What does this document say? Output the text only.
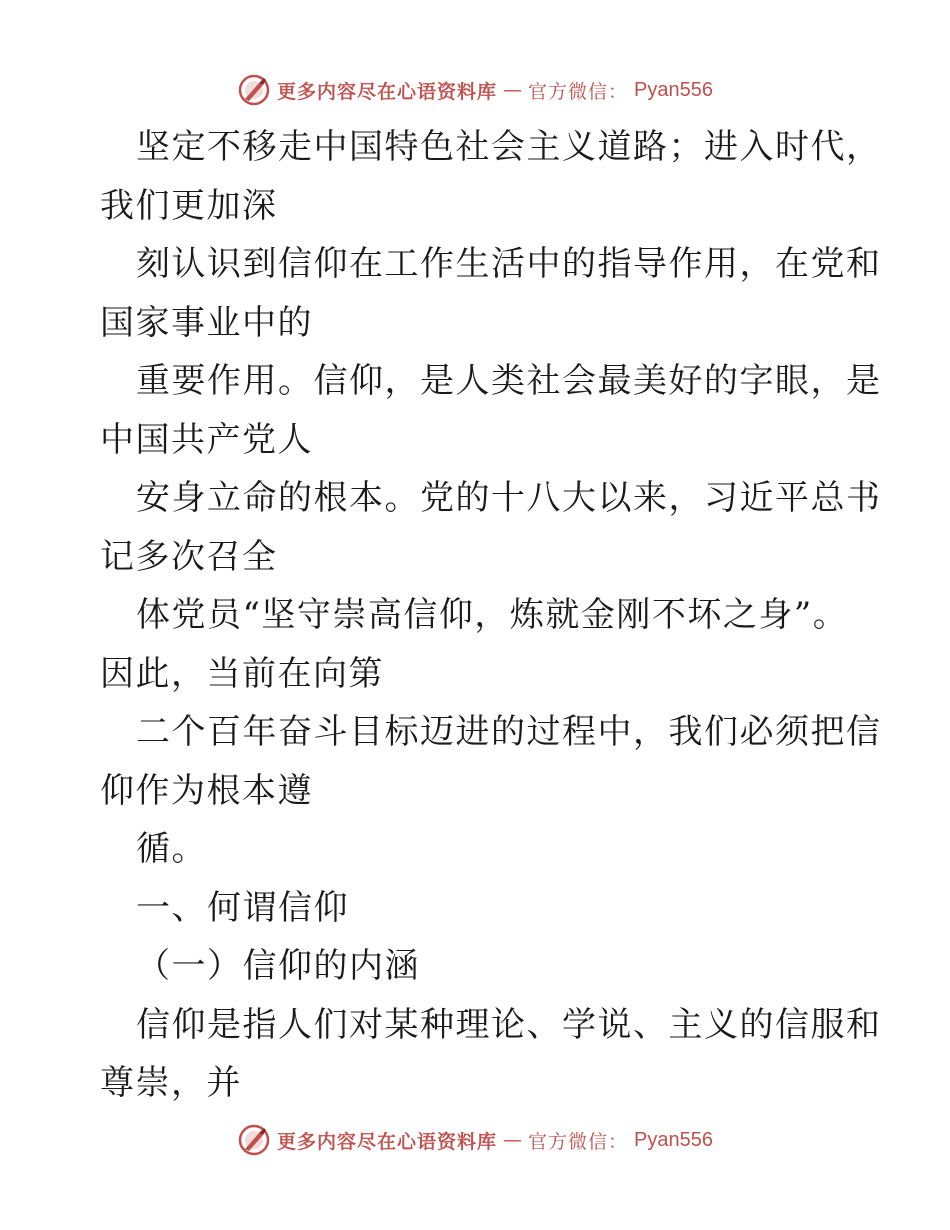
更多内容尽在心语资料库 — 官方微信： Pyan556
坚定不移走中国特色社会主义道路；进入时代，
我们更加深
刻认识到信仰在工作生活中的指导作用，在党和
国家事业中的
重要作用。信仰，是人类社会最美好的字眼，是
中国共产党人
安身立命的根本。党的十八大以来，习近平总书
记多次召全
体党员“坚守崇高信仰，炼就金刚不坏之身”。
因此，当前在向第
二个百年奋斗目标迈进的过程中，我们必须把信
仰作为根本遵
循。
一、何谓信仰
（一）信仰的内涵
信仰是指人们对某种理论、学说、主义的信服和
尊崇，并
更多内容尽在心语资料库 — 官方微信： Pyan556
